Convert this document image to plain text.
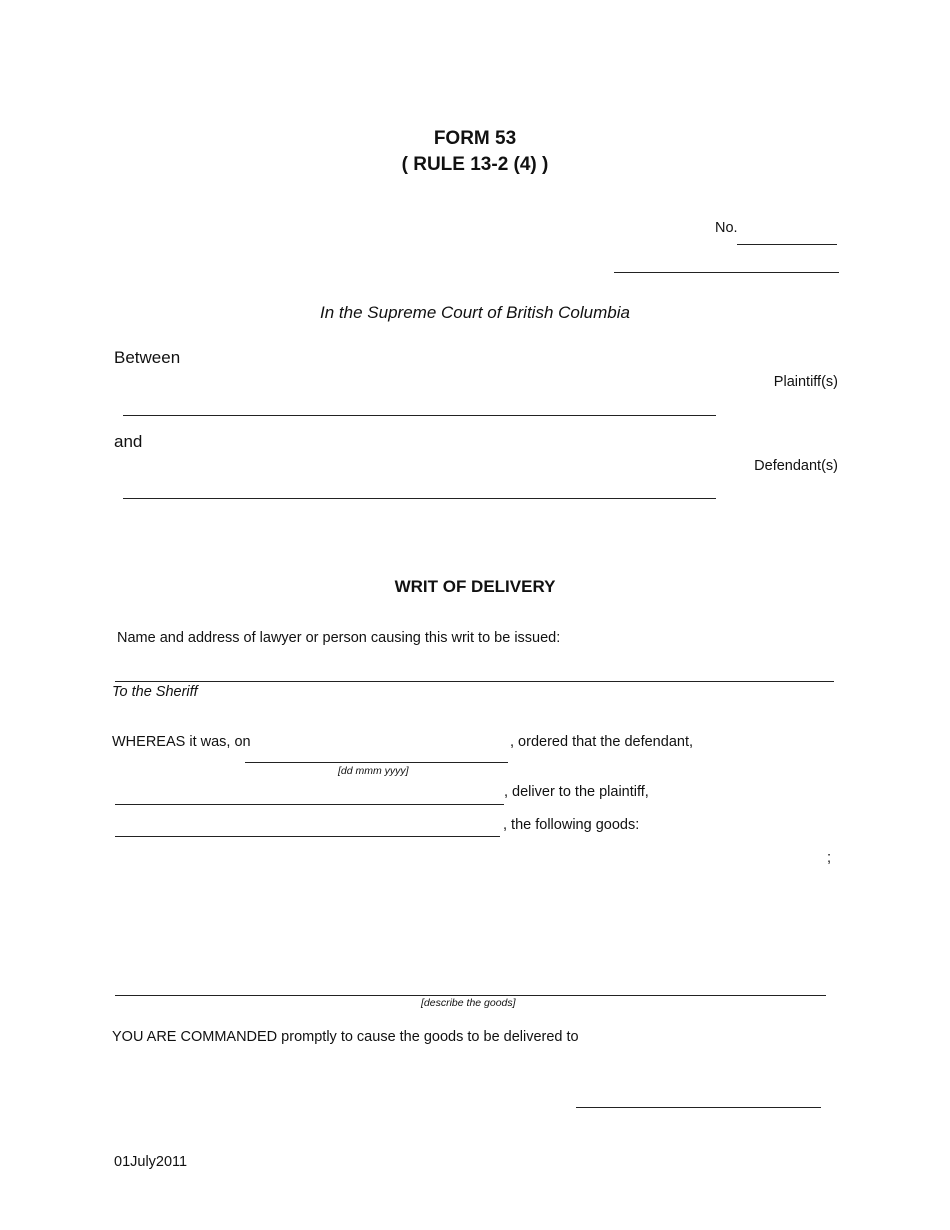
FORM 53
( RULE 13-2 (4) )
No.
In the Supreme Court of British Columbia
Between
Plaintiff(s)
and
Defendant(s)
WRIT OF DELIVERY
Name and address of lawyer or person causing this writ to be issued:
To the Sheriff
WHEREAS it was, on	, ordered that the defendant,
[dd mmm yyyy]
, deliver to the plaintiff,
, the following goods:
;
[describe the goods]
YOU ARE COMMANDED promptly to cause the goods to be delivered to
01July2011
